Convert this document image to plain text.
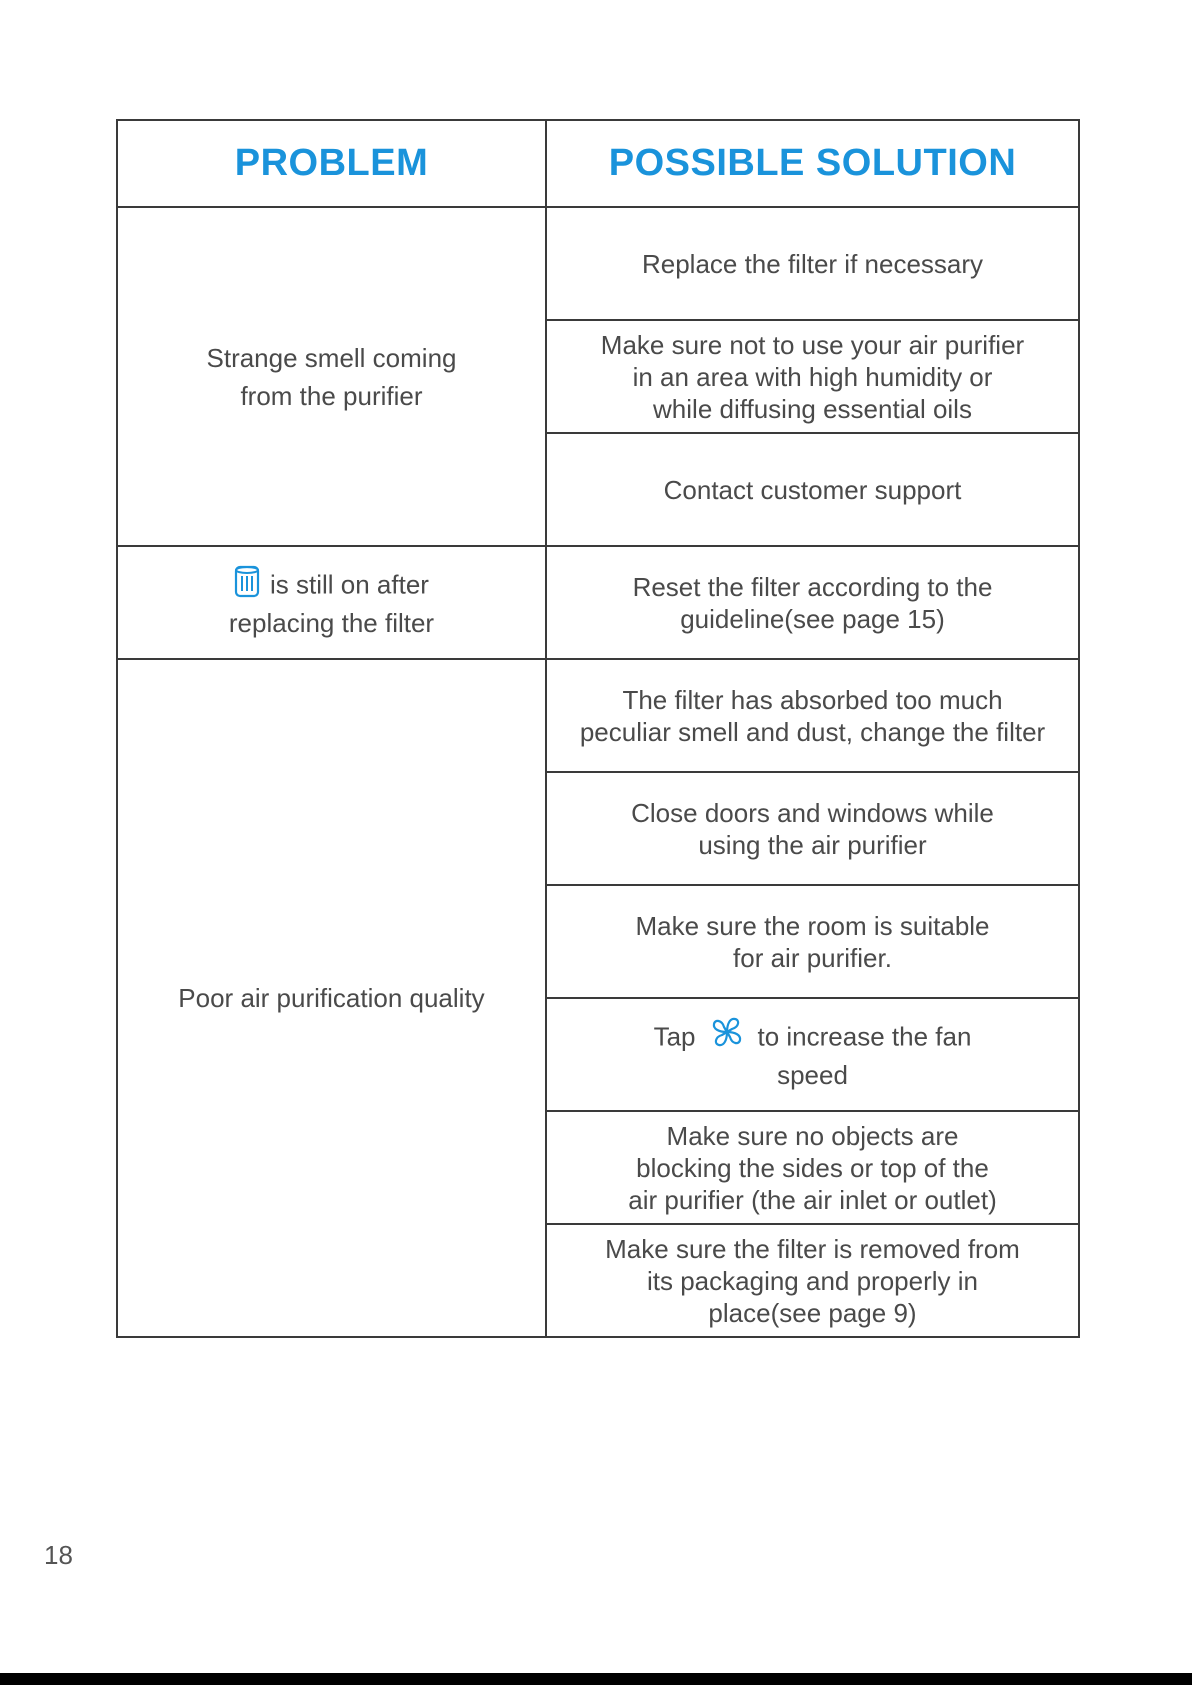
PROBLEM	POSSIBLE SOLUTION
Strange smell coming
from the purifier	Replace the filter if necessary
	Make sure not to use your air purifier
in an area with high humidity or
while diffusing essential oils
	Contact customer support
is still on after
replacing the filter	Reset the filter according to the
guideline(see page 15)
Poor air purification quality	The filter has absorbed too much
peculiar smell and dust, change the filter
	Close doors and windows while
using the air purifier
	Make sure the room is suitable
for air purifier.
	Tap to increase the fan
speed
	Make sure no objects are
blocking the sides or top of the
air purifier (the air inlet or outlet)
	Make sure the filter is removed from
its packaging and properly in
place(see page 9)
18
